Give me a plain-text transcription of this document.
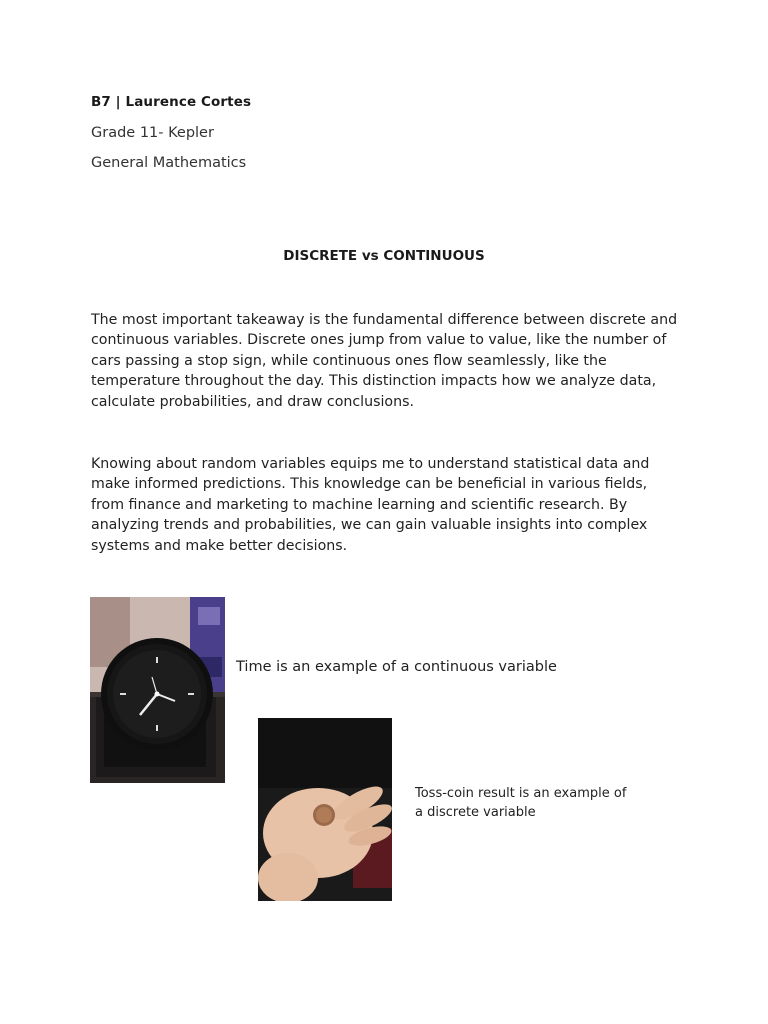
B7 | Laurence Cortes
Grade 11- Kepler
General Mathematics
DISCRETE vs CONTINUOUS
The most important takeaway is the fundamental difference between discrete and continuous variables. Discrete ones jump from value to value, like the number of cars passing a stop sign, while continuous ones flow seamlessly, like the temperature throughout the day. This distinction impacts how we analyze data, calculate probabilities, and draw conclusions.
Knowing about random variables equips me to understand statistical data and make informed predictions. This knowledge can be beneficial in various fields, from finance and marketing to machine learning and scientific research. By analyzing trends and probabilities, we can gain valuable insights into complex systems and make better decisions.
Time is an example of a continuous variable
Toss-coin result is an example of
a discrete variable
